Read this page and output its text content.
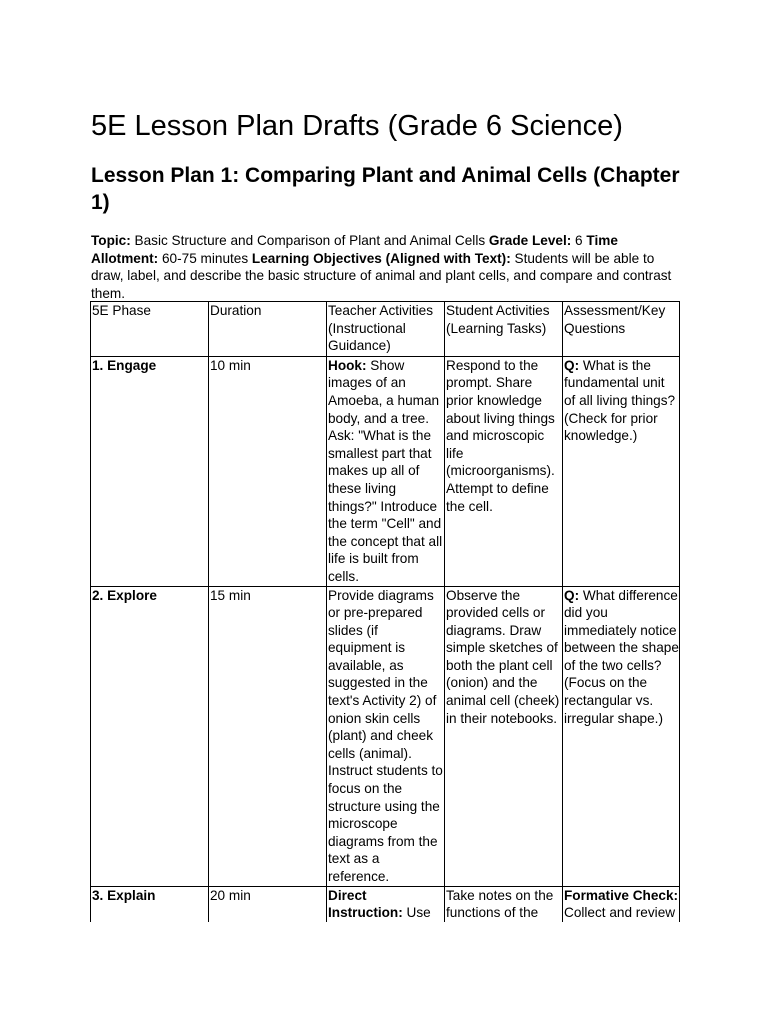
5E Lesson Plan Drafts (Grade 6 Science)
Lesson Plan 1: Comparing Plant and Animal Cells (Chapter 1)

Topic: Basic Structure and Comparison of Plant and Animal Cells Grade Level: 6 Time Allotment: 60-75 minutes Learning Objectives (Aligned with Text): Students will be able to draw, label, and describe the basic structure of animal and plant cells, and compare and contrast them.

5E Phase	Duration	Teacher Activities (Instructional Guidance)	Student Activities (Learning Tasks)	Assessment/Key Questions
1. Engage	10 min	Hook: Show images of an Amoeba, a human body, and a tree. Ask: "What is the smallest part that makes up all of these living things?" Introduce the term "Cell" and the concept that all life is built from cells.	Respond to the prompt. Share prior knowledge about living things and microscopic life (microorganisms). Attempt to define the cell.	Q: What is the fundamental unit of all living things? (Check for prior knowledge.)
2. Explore	15 min	Provide diagrams or pre-prepared slides (if equipment is available, as suggested in the text's Activity 2) of onion skin cells (plant) and cheek cells (animal). Instruct students to focus on the structure using the microscope diagrams from the text as a reference.	Observe the provided cells or diagrams. Draw simple sketches of both the plant cell (onion) and the animal cell (cheek) in their notebooks.	Q: What difference did you immediately notice between the shape of the two cells? (Focus on the rectangular vs. irregular shape.)
3. Explain	20 min	Direct Instruction: Use	Take notes on the functions of the	Formative Check: Collect and review
